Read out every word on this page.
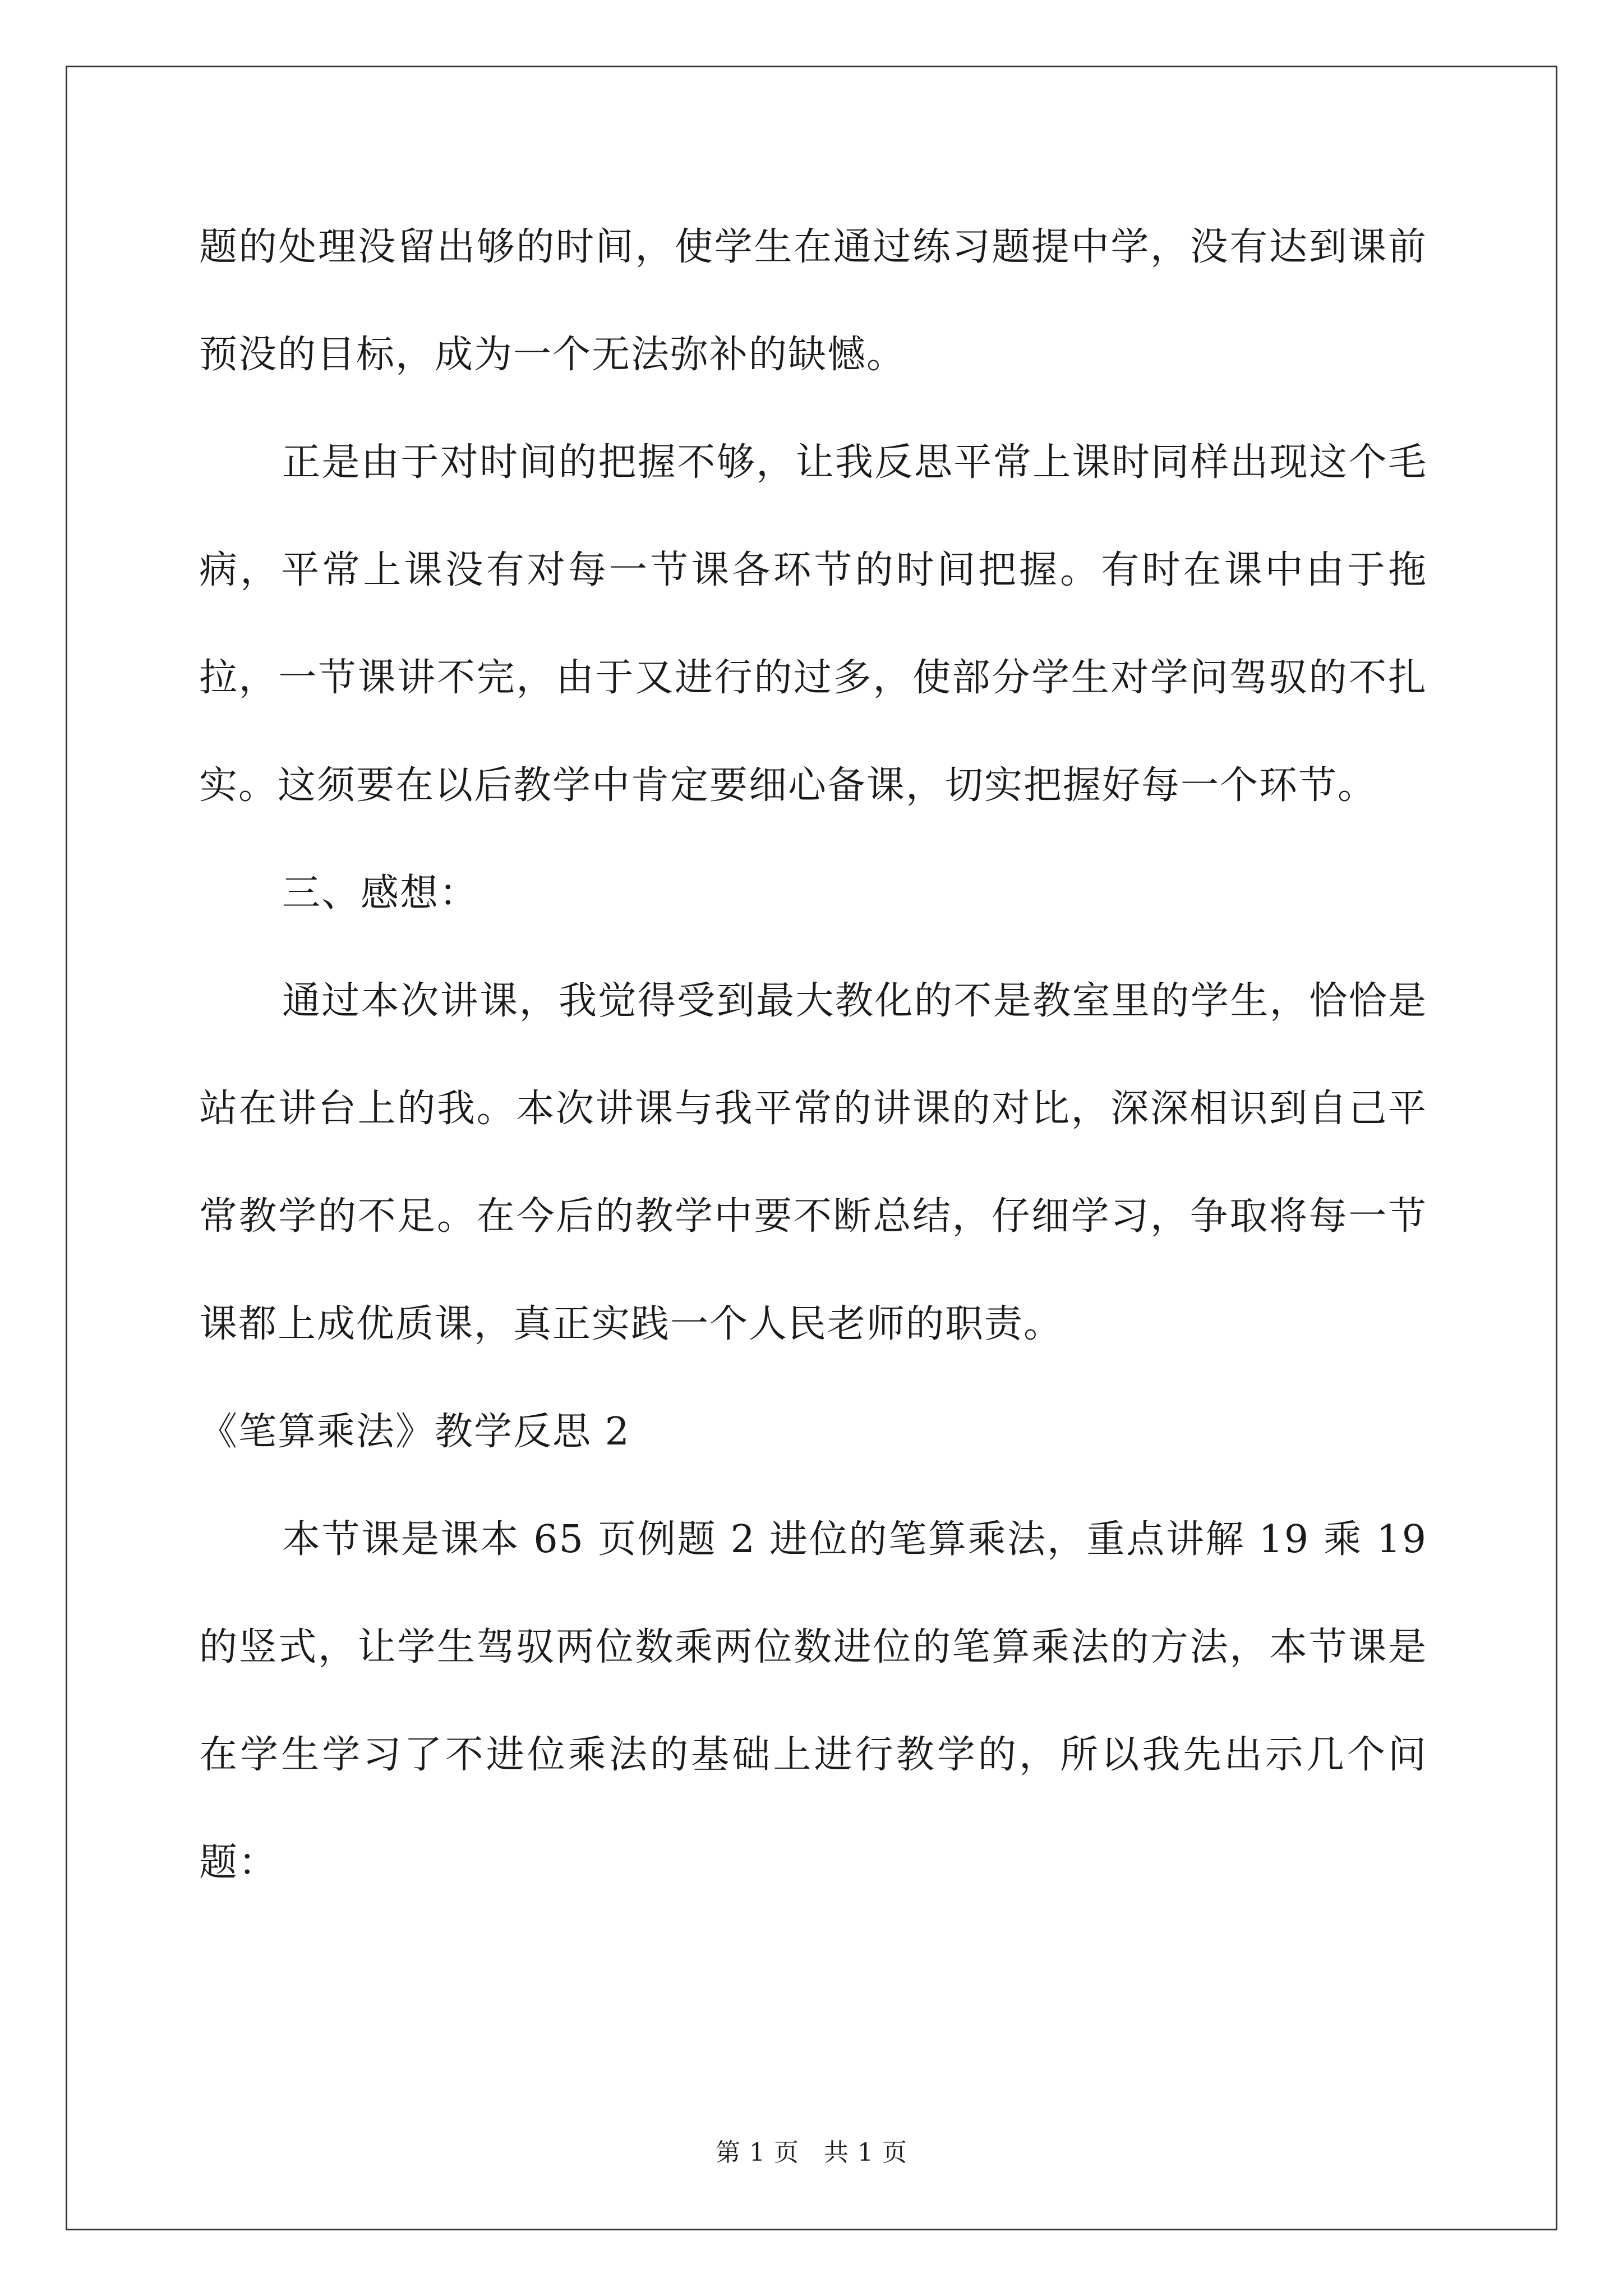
题的处理没留出够的时间，使学生在通过练习题提中学，没有达到课前预没的目标，成为一个无法弥补的缺憾。

正是由于对时间的把握不够，让我反思平常上课时同样出现这个毛病，平常上课没有对每一节课各环节的时间把握。有时在课中由于拖拉，一节课讲不完，由于又进行的过多，使部分学生对学问驾驭的不扎实。这须要在以后教学中肯定要细心备课，切实把握好每一个环节。

三、感想：

通过本次讲课，我觉得受到最大教化的不是教室里的学生，恰恰是站在讲台上的我。本次讲课与我平常的讲课的对比，深深相识到自己平常教学的不足。在今后的教学中要不断总结，仔细学习，争取将每一节课都上成优质课，真正实践一个人民老师的职责。

《笔算乘法》教学反思 2

本节课是课本 65 页例题 2 进位的笔算乘法，重点讲解 19 乘 19 的竖式，让学生驾驭两位数乘两位数进位的笔算乘法的方法，本节课是在学生学习了不进位乘法的基础上进行教学的，所以我先出示几个问题：

第 1 页 共 1 页
